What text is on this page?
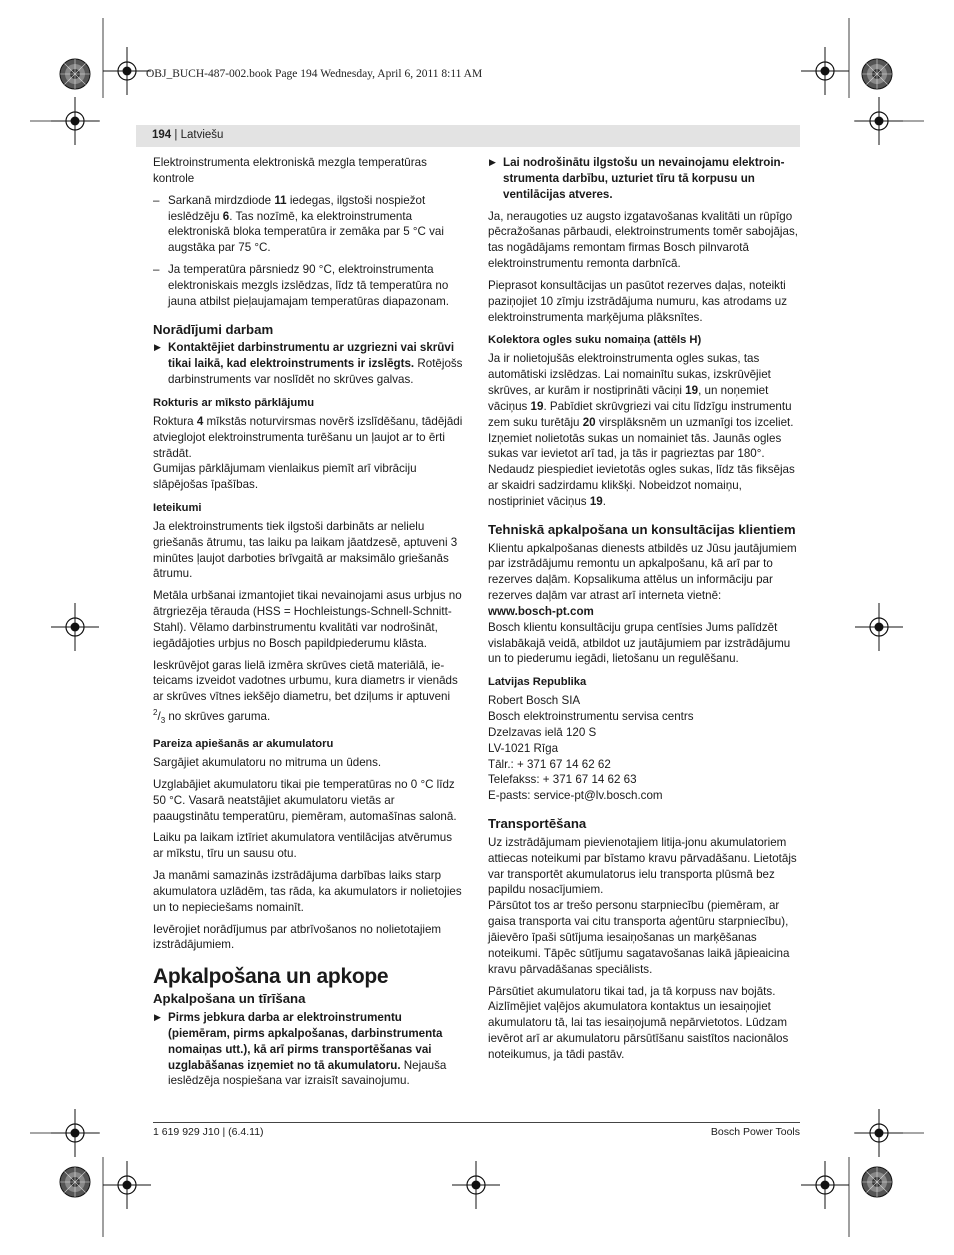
OBJ_BUCH-487-002.book Page 194 Wednesday, April 6, 2011 8:11 AM
194 | Latviešu

Elektroinstrumenta elektroniskā mezgla temperatūras kontrole

– Sarkanā mirdzdiode 11 iedegas, ilgstoši nospiežot ieslēdzēju 6. Tas nozīmē, ka elektroinstrumenta elektroniskā bloka temperatūra ir zemāka par 5 °C vai augstāka par 75 °C.

– Ja temperatūra pārsniedz 90 °C, elektroinstrumenta elektroniskais mezgls izslēdzas, līdz tā temperatūra no jauna atbilst pieļaujamajam temperatūras diapazonam.

Norādījumi darbam

▶ Kontaktējiet darbinstrumentu ar uzgriezni vai skrūvi tikai laikā, kad elektroinstruments ir izslēgts. Rotējošs darbinstruments var noslīdēt no skrūves galvas.

Rokturis ar mīksto pārklājumu

Roktura 4 mīkstās noturvirsmas novērš izslīdēšanu, tādējādi atvieglojot elektroinstrumenta turēšanu un ļaujot ar to ērti strādāt.

Gumijas pārklājumam vienlaikus piemīt arī vibrāciju slāpējošas īpašības.

Ieteikumi

Ja elektroinstruments tiek ilgstoši darbināts ar nelielu griešanās ātrumu, tas laiku pa laikam jāatdzesē, aptuveni 3 minūtes ļaujot darboties brīvgaitā ar maksimālo griešanās ātrumu.

Metāla urbšanai izmantojiet tikai nevainojami asus urbjus no ātrgriezēja tērauda (HSS = Hochleistungs-Schnell-Schnitt-Stahl). Vēlamo darbinstrumentu kvalitāti var nodrošināt, iegādājoties urbjus no Bosch papildpiederumu klāsta.

Ieskrūvējot garas lielā izmēra skrūves cietā materiālā, ie-teicams izveidot vadotnes urbumu, kura diametrs ir vienāds ar skrūves vītnes iekšējo diametru, bet dziļums ir aptuveni $^2/_3$ no skrūves garuma.

Pareiza apiešanās ar akumulatoru

Sargājiet akumulatoru no mitruma un ūdens.

Uzglabājiet akumulatoru tikai pie temperatūras no 0 °C līdz 50 °C. Vasarā neatstājiet akumulatoru vietās ar paaugstinātu temperatūru, piemēram, automašīnas salonā.

Laiku pa laikam iztīriet akumulatora ventilācijas atvērumus ar mīkstu, tīru un sausu otu.

Ja manāmi samazinās izstrādājuma darbības laiks starp akumulatora uzlādēm, tas rāda, ka akumulators ir nolietojies un to nepieciešams nomainīt.

Ievērojiet norādījumus par atbrīvošanos no nolietotajiem izstrādājumiem.

Apkalpošana un apkope
Apkalpošana un tīrīšana

▶ Pirms jebkura darba ar elektroinstrumentu (piemēram, pirms apkalpošanas, darbinstrumenta nomaiņas utt.), kā arī pirms transportēšanas vai uzglabāšanas izņemiet no tā akumulatoru. Nejauša ieslēdzēja nospiešana var izraisīt savainojumu.

▶ Lai nodrošinātu ilgstošu un nevainojamu elektroin-strumenta darbību, uzturiet tīru tā korpusu un ventilācijas atveres.

Ja, neraugoties uz augsto izgatavošanas kvalitāti un rūpīgo pēcražošanas pārbaudi, elektroinstruments tomēr sabojājas, tas nogādājams remontam firmas Bosch pilnvarotā elektroinstrumentu remonta darbnīcā.

Pieprasot konsultācijas un pasūtot rezerves daļas, noteikti paziņojiet 10 zīmju izstrādājuma numuru, kas atrodams uz elektroinstrumenta marķējuma plāksnītes.

Kolektora ogles suku nomaiņa (attēls H)

Ja ir nolietojušās elektroinstrumenta ogles sukas, tas automātiski izslēdzas. Lai nomainītu sukas, izskrūvējiet skrūves, ar kurām ir nostiprināti vāciņi 19, un noņemiet vāciņus 19. Pabīdiet skrūvgriezi vai citu līdzīgu instrumentu zem suku turētāju 20 virsplāksnēm un uzmanīgi tos izceliet. Izņemiet nolietotās sukas un nomainiet tās. Jaunās ogles sukas var ievietot arī tad, ja tās ir pagrieztas par 180°. Nedaudz piespiediet ievietotās ogles sukas, līdz tās fiksējas ar skaidri sadzirdamu klikšķi. Nobeidzot nomaiņu, nostipriniet vāciņus 19.

Tehniskā apkalpošana un konsultācijas klientiem

Klientu apkalpošanas dienests atbildēs uz Jūsu jautājumiem par izstrādājumu remontu un apkalpošanu, kā arī par to rezerves daļām. Kopsalikuma attēlus un informāciju par rezerves daļām var atrast arī interneta vietnē:

www.bosch-pt.com

Bosch klientu konsultāciju grupa centīsies Jums palīdzēt vislabākajā veidā, atbildot uz jautājumiem par izstrādājumu un to piederumu iegādi, lietošanu un regulēšanu.

Latvijas Republika

Robert Bosch SIA
Bosch elektroinstrumentu servisa centrs
Dzelzavas ielā 120 S
LV-1021 Rīga
Tālr.: + 371 67 14 62 62
Telefakss: + 371 67 14 62 63
E-pasts: service-pt@lv.bosch.com

Transportēšana

Uz izstrādājumam pievienotajiem litija-jonu akumulatoriem attiecas noteikumi par bīstamo kravu pārvadāšanu. Lietotājs var transportēt akumulatorus ielu transporta plūsmā bez papildu nosacījumiem.

Pārsūtot tos ar trešo personu starpniecību (piemēram, ar gaisa transporta vai citu transporta aģentūru starpniecību), jāievēro īpaši sūtījuma iesaiņošanas un marķēšanas noteikumi. Tāpēc sūtījumu sagatavošanas laikā jāpieaicina kravu pārvadāšanas speciālists.

Pārsūtiet akumulatoru tikai tad, ja tā korpuss nav bojāts. Aizlīmējiet vaļējos akumulatora kontaktus un iesaiņojiet akumulatoru tā, lai tas iesaiņojumā nepārvietotos. Lūdzam ievērot arī ar akumulatoru pārsūtīšanu saistītos nacionālos noteikumus, ja tādi pastāv.

1 619 929 J10 | (6.4.11)	Bosch Power Tools
